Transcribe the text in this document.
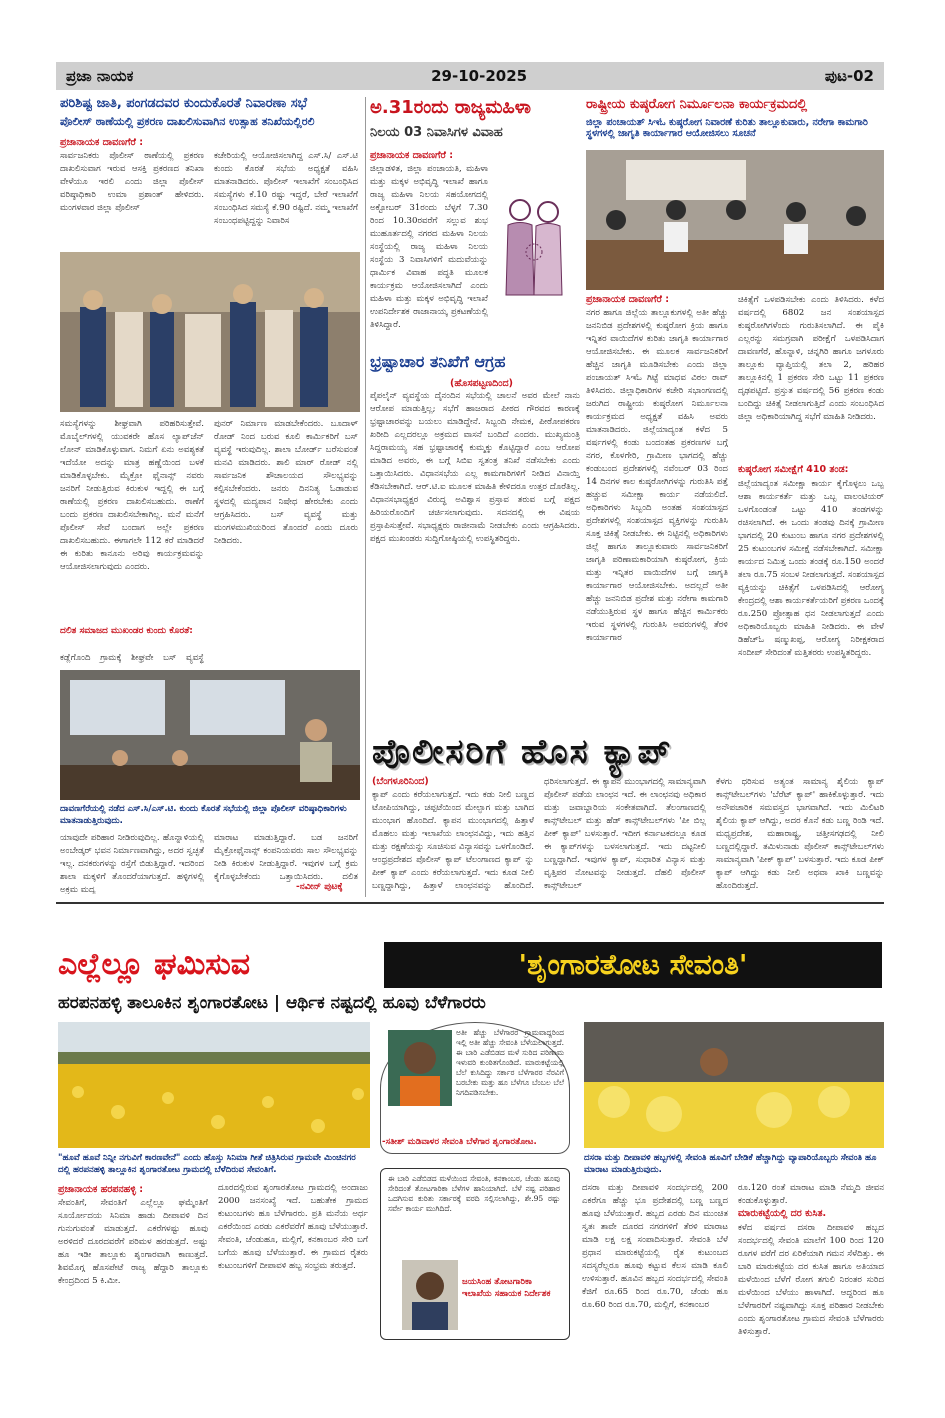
ಪ್ರಜಾ ನಾಯಕ	29-10-2025	ಪುಟ-02
ಪರಿಶಿಷ್ಟ ಜಾತಿ, ಪಂಗಡದವರ ಕುಂದುಕೊರತೆ ನಿವಾರಣಾ ಸಭೆ
ಪೊಲೀಸ್ ಠಾಣೆಯಲ್ಲಿ ಪ್ರಕರಣ ದಾಖಲಿಸುವಾಗಿನ ಉತ್ಸಾಹ ತನಿಖೆಯಲ್ಲಿರಲಿ
ಪ್ರಜಾನಾಯಕ ದಾವಣಗೆರೆ :
ಸಾರ್ವಜನಿಕರು ಪೊಲೀಸ್ ಠಾಣೆಯಲ್ಲಿ ಪ್ರಕರಣ ದಾಖಲಿಸುವಾಗ ಇರುವ ಆಸಕ್ತಿ ಪ್ರಕರಣದ ತನಿಖಾ ವೇಳೆಯೂ ಇರಲಿ ಎಂದು ಜಿಲ್ಲಾ ಪೊಲೀಸ್ ವರಿಷ್ಠಾಧಿಕಾರಿ ಉಮಾ ಪ್ರಶಾಂತ್ ಹೇಳಿದರು. ಮಂಗಳವಾರ ಜಿಲ್ಲಾ ಪೊಲೀಸ್
ಕಚೇರಿಯಲ್ಲಿ ಆಯೋಜಿಸಲಾಗಿದ್ದ ಎಸ್.ಸಿ/ ಎಸ್.ಟಿ ಕುಂದು ಕೊರತೆ ಸಭೆಯ ಅಧ್ಯಕ್ಷತೆ ವಹಿಸಿ ಮಾತನಾಡಿದರು. ಪೊಲೀಸ್ ಇಲಾಖೆಗೆ ಸಂಬಂಧಿಸಿದ ಸಮಸ್ಯೆಗಳು ಕೆ.10 ರಷ್ಟು ಇದ್ದರೆ, ಬೇರೆ ಇಲಾಖೆಗೆ ಸಂಬಂಧಿಸಿದ ಸಮಸ್ಯೆ ಕೆ.90 ರಷ್ಟಿದೆ. ನಮ್ಮ ಇಲಾಖೆಗೆ ಸಂಬಂಧಪಟ್ಟಿದ್ದನ್ನು ನಿವಾರಿಸ
ಸಮಸ್ಯೆಗಳನ್ನು ಶೀಘ್ರವಾಗಿ ಪರಿಹರಿಸುತ್ತೇವೆ. ಮೊಬೈಲ್‌ಗಳಲ್ಲಿ ಯುವಕರೇ ಹೊಸ ಲ್ಯಾಪ್‌ಜೆನ್ ಲೋನ್ ಮಾಡಿಕೊಳ್ಳುವಾಗ. ನಿಮಗೆ ಏನು ಅವಶ್ಯಕತೆ ಇದೆಯೋ ಅದನ್ನು ಮಾತ್ರ ಹಣ್ಣೆಯಿಂದ ಬಳಕೆ ಮಾಡಿಕೊಳ್ಳಬೇಕು. ಮೈಕ್ರೋ ಫೈನಾನ್ಸ್ ನವರು ಜನರಿಗೆ ನೀಡುತ್ತಿರುವ ಕಿರುಕುಳ ಇದ್ದಲ್ಲಿ ಈ ಬಗ್ಗೆ ಠಾಣೆಯಲ್ಲಿ ಪ್ರಕರಣ ದಾಖಲಿಸಬಹುದು. ಠಾಣೆಗೆ ಬಂದು ಪ್ರಕರಣ ದಾಖಲಿಸಬೇಕಾಗಿಲ್ಲ. ಮನೆ ಮನೆಗೆ ಪೊಲೀಸ್ ಸೇವೆ ಬಂದಾಗ ಅಲ್ಲೇ ಪ್ರಕರಣ ದಾಖಲಿಸಬಹುದು. ಈಗಾಗಲೇ 112 ಕರೆ ಮಾಡಿದರೆ ಈ ಕುರಿತು ಕಾನೂನು ಅರಿವು ಕಾರ್ಯಕ್ರಮವನ್ನು ಆಯೋಜಿಸಲಾಗುವುದು ಎಂದರು.
ಪುನರ್ ನಿರ್ಮಾಣ ಮಾಡಬೇಕೆಂದರು. ಬೂದಾಳ್ ರೋಡ್ ನಿಂದ ಬರುವ ಕೂಲಿ ಕಾರ್ಮಿಕರಿಗೆ ಬಸ್ ವ್ಯವಸ್ಥೆ ಇರುವುದಿಲ್ಲ. ಶಾಲಾ ಬೋರ್ಡ್ ಬರೆಸುವಂತೆ ಮನವಿ ಮಾಡಿದರು. ಶಾಲಿ ಮಾರ್ ರೋಡ್ ನಲ್ಲಿ ಸಾರ್ವಜನಿಕ ಶೌಚಾಲಯದ ಸೌಲಭ್ಯವನ್ನು ಕಲ್ಪಿಸಬೇಕೆಂದರು. ಜನರು ದಿನನಿತ್ಯ ಓಡಾಡುವ ಸ್ಥಳದಲ್ಲಿ ಮದ್ಯಪಾನ ನಿಷೇಧ ಹೇರಬೇಕು ಎಂದು ಆಗ್ರಹಿಸಿದರು. ಬಸ್ ವ್ಯವಸ್ಥೆ ಮತ್ತು ಮಂಗಳಮುಖಿಯರಿಂದ ತೊಂದರೆ ಎಂದು ದೂರು ನೀಡಿದರು.
ದಲಿತ ಸಮಾಜದ ಮುಖಂಡರ ಕುಂದು ಕೊರತೆ:
ಕಡ್ಲೆಗೊಂದಿ ಗ್ರಾಮಕ್ಕೆ ಶೀಘ್ರವೇ ಬಸ್ ವ್ಯವಸ್ಥೆ
ದಾವಣಗೆರೆಯಲ್ಲಿ ನಡೆದ ಎಸ್.ಸಿ/ಎಸ್.ಟಿ. ಕುಂದು ಕೊರತೆ ಸಭೆಯಲ್ಲಿ ಜಿಲ್ಲಾ ಪೊಲೀಸ್ ವರಿಷ್ಠಾಧಿಕಾರಿಗಳು ಮಾತನಾಡುತ್ತಿರುವುದು.
ಯಾವುದೇ ಪರಿಹಾರ ನೀಡಿರುವುದಿಲ್ಲ. ಹೊನ್ನಾಳಿಯಲ್ಲಿ ಅಂಬೇಡ್ಕರ್ ಭವನ ನಿರ್ಮಾಣವಾಗಿದ್ದು, ಅದರ ಸ್ವಚ್ಛತೆ ಇಲ್ಲ. ದನಕರುಗಳನ್ನು ರಸ್ತೆಗೆ ಬಿಡುತ್ತಿದ್ದಾರೆ. ಇದರಿಂದ ಶಾಲಾ ಮಕ್ಕಳಿಗೆ ತೊಂದರೆಯಾಗುತ್ತದೆ. ಹಳ್ಳಿಗಳಲ್ಲಿ ಅಕ್ರಮ ಮದ್ಯ
ಮಾರಾಟ ಮಾಡುತ್ತಿದ್ದಾರೆ. ಬಡ ಜನರಿಗೆ ಮೈಕ್ರೋಫೈನಾನ್ಸ್ ಕಂಪನಿಯವರು ಸಾಲ ಸೌಲಭ್ಯವನ್ನು ನೀಡಿ ಕಿರುಕುಳ ನೀಡುತ್ತಿದ್ದಾರೆ. ಇವುಗಳ ಬಗ್ಗೆ ಕ್ರಮ ಕೈಗೊಳ್ಳಬೇಕೆಂದು ಒತ್ತಾಯಿಸಿದರು. ದಲಿತ
-ನವೀನ್ ಪುಟಕ್ಕೆ
ಅ.31ರಂದು ರಾಜ್ಯಮಹಿಳಾ
ನಿಲಯ 03 ನಿವಾಸಿಗಳ ವಿವಾಹ
ಪ್ರಜಾನಾಯಕ ದಾವಣಗೆರೆ :
ಜಿಲ್ಲಾಡಳಿತ, ಜಿಲ್ಲಾ ಪಂಚಾಯತಿ, ಮಹಿಳಾ ಮತ್ತು ಮಕ್ಕಳ ಅಭಿವೃದ್ಧಿ ಇಲಾಖೆ ಹಾಗೂ ರಾಜ್ಯ ಮಹಿಳಾ ನಿಲಯ ಸಹಯೋಗದಲ್ಲಿ ಅಕ್ಟೋಬರ್ 31ರಂದು ಬೆಳ್ಳಗೆ 7.30 ರಿಂದ 10.30ರವರೆಗೆ ಸಲ್ಲುವ ಶುಭ ಮುಹೂರ್ತದಲ್ಲಿ ನಗರದ ಮಹಿಳಾ ನಿಲಯ ಸಂಸ್ಥೆಯಲ್ಲಿ ರಾಜ್ಯ ಮಹಿಳಾ ನಿಲಯ ಸಂಸ್ಥೆಯ 3 ನಿವಾಸಿಗಳಿಗೆ ಮದುವೆಯನ್ನು ಧಾರ್ಮಿಕ ವಿವಾಹ ಪದ್ಧತಿ ಮೂಲಕ ಕಾರ್ಯಕ್ರಮ ಆಯೋಜಿಸಲಾಗಿದೆ ಎಂದು ಮಹಿಳಾ ಮತ್ತು ಮಕ್ಕಳ ಅಭಿವೃದ್ಧಿ ಇಲಾಖೆ ಉಪನಿರ್ದೇಶಕ ರಾಜಾನಾಯ್ಕ ಪ್ರಕಟಣೆಯಲ್ಲಿ ತಿಳಿಸಿದ್ದಾರೆ.
ಭ್ರಷ್ಟಾಚಾರ ತನಿಖೆಗೆ ಆಗ್ರಹ
(ಹೊಸಪಟ್ಟಣದಿಂದ)
ಪೈಪಲೈನ್ ವ್ಯವಸ್ಥೆಯ ದೈನಂದಿನ ಸಭೆಯಲ್ಲಿ ಚಾಲನೆ ಅವರ ಮೇಲೆ ನಾನು ಆರೋಪ ಮಾಡುತ್ತಿಲ್ಲ; ಸಭೆಗೆ ಹಾಜರಾದ ಪೀಠದ ಗೌರವದ ಕಾರಣಕ್ಕೆ ಭ್ರಷ್ಟಾಚಾರವನ್ನು ಬಯಲು ಮಾಡಿದ್ದೇನೆ. ಸಿಬ್ಬಂದಿ ನೇಮಕ, ಪೀಠೋಪಕರಣ ಖರೀದಿ ಎಲ್ಲದರಲ್ಲೂ ಅಕ್ರಮದ ವಾಸನೆ ಬಂದಿದೆ ಎಂದರು. ಮುಖ್ಯಮಂತ್ರಿ ಸಿದ್ದರಾಮಯ್ಯ ಸಹ ಭ್ರಷ್ಟಾಚಾರಕ್ಕೆ ಕುಮ್ಮಕ್ಕು ಕೊಟ್ಟಿದ್ದಾರೆ ಎಂಬ ಆರೋಪ ಮಾಡಿದ ಅವರು, ಈ ಬಗ್ಗೆ ಸಿಬಿಐ ಸ್ವತಂತ್ರ ತನಿಖೆ ನಡೆಸಬೇಕು ಎಂದು ಒತ್ತಾಯಿಸಿದರು. ವಿಧಾನಸಭೆಯ ಎಲ್ಲ ಕಾಮಗಾರಿಗಳಿಗೆ ನೀಡಿದ ವಿನಾಯ್ತಿ ಕೆಡಿಸಬೇಕಾಗಿದೆ. ಆರ್.ಟಿ.ಐ ಮೂಲಕ ಮಾಹಿತಿ ಕೇಳಿದರೂ ಉತ್ತರ ದೊರೆತಿಲ್ಲ. ವಿಧಾನಸಭಾಧ್ಯಕ್ಷರ ವಿರುದ್ಧ ಅವಿಶ್ವಾಸ ಪ್ರಸ್ತಾವ ತರುವ ಬಗ್ಗೆ ಪಕ್ಷದ ಹಿರಿಯರೊಂದಿಗೆ ಚರ್ಚಿಸಲಾಗುವುದು. ಸದನದಲ್ಲಿ ಈ ವಿಷಯ ಪ್ರಸ್ತಾಪಿಸುತ್ತೇವೆ. ಸಭಾಧ್ಯಕ್ಷರು ರಾಜೀನಾಮೆ ನೀಡಬೇಕು ಎಂದು ಆಗ್ರಹಿಸಿದರು. ಪಕ್ಷದ ಮುಖಂಡರು ಸುದ್ದಿಗೋಷ್ಠಿಯಲ್ಲಿ ಉಪಸ್ಥಿತರಿದ್ದರು.
ರಾಷ್ಟ್ರೀಯ ಕುಷ್ಠರೋಗ ನಿರ್ಮೂಲನಾ ಕಾರ್ಯಕ್ರಮದಲ್ಲಿ
ಜಿಲ್ಲಾ ಪಂಚಾಯತ್ ಸಿಇಓ ಕುಷ್ಠರೋಗ ನಿವಾರಣೆ ಕುರಿತು ತಾಲ್ಲೂಕುವಾರು, ನರೇಗಾ ಕಾಮಗಾರಿ ಸ್ಥಳಗಳಲ್ಲಿ ಜಾಗೃತಿ ಕಾರ್ಯಾಗಾರ ಆಯೋಜಿಸಲು ಸೂಚನೆ
ಪ್ರಜಾನಾಯಕ ದಾವಣಗೆರೆ :
ನಗರ ಹಾಗೂ ಜಿಲ್ಲೆಯ ತಾಲ್ಲೂಕುಗಳಲ್ಲಿ ಅತೀ ಹೆಚ್ಚು ಜನನಿಬಿಡ ಪ್ರದೇಶಗಳಲ್ಲಿ ಕುಷ್ಠರೋಗ ಕ್ರಿಯ ಹಾಗೂ ಇನ್ನಿತರ ವಾಯಿದೆಗಳ ಕುರಿತು ಜಾಗೃತಿ ಕಾರ್ಯಾಗಾರ ಆಯೋಜಿಸಬೇಕು. ಈ ಮೂಲಕ ಸಾರ್ವಜನಿಕರಿಗೆ ಹೆಚ್ಚಿನ ಜಾಗೃತಿ ಮೂಡಿಸಬೇಕು ಎಂದು ಜಿಲ್ಲಾ ಪಂಚಾಯತ್ ಸಿಇಓ ಗಿಟ್ಟೆ ಮಾಧವ ವಿಠಲ ರಾವ್ ತಿಳಿಸಿದರು. ಜಿಲ್ಲಾಧಿಕಾರಿಗಳ ಕಚೇರಿ ಸಭಾಂಗಣದಲ್ಲಿ ಜರುಗಿದ ರಾಷ್ಟ್ರೀಯ ಕುಷ್ಠರೋಗ ನಿರ್ಮೂಲನಾ ಕಾರ್ಯಕ್ರಮದ ಅಧ್ಯಕ್ಷತೆ ವಹಿಸಿ ಅವರು ಮಾತನಾಡಿದರು. ಜಿಲ್ಲೆಯಾದ್ಯಂತ ಕಳೆದ 5 ವರ್ಷಗಳಲ್ಲಿ ಕಂಡು ಬಂದಂತಹ ಪ್ರಕರಣಗಳ ಬಗ್ಗೆ ನಗರ, ಕೊಳಗೇರಿ, ಗ್ರಾಮೀಣ ಭಾಗದಲ್ಲಿ ಹೆಚ್ಚು ಕಂಡುಬಂದ ಪ್ರದೇಶಗಳಲ್ಲಿ ನವೆಂಬರ್ 03 ರಿಂದ 14 ದಿನಗಳ ಕಾಲ ಕುಷ್ಠರೋಗಿಗಳನ್ನು ಗುರುತಿಸಿ ಪತ್ತೆ ಹಚ್ಚುವ ಸಮೀಕ್ಷಾ ಕಾರ್ಯ ನಡೆಯಲಿದೆ. ಅಧಿಕಾರಿಗಳು ಸಿಬ್ಬಂದಿ ಅಂತಹ ಸಂಶಯಾಸ್ಪದ ಪ್ರದೇಶಗಳಲ್ಲಿ ಸಂಶಯಾಸ್ಪದ ವ್ಯಕ್ತಿಗಳನ್ನು ಗುರುತಿಸಿ ಸೂಕ್ತ ಚಿಕಿತ್ಸೆ ನೀಡಬೇಕು. ಈ ನಿಟ್ಟಿನಲ್ಲಿ ಅಧಿಕಾರಿಗಳು ಜಿಲ್ಲೆ ಹಾಗೂ ತಾಲ್ಲೂಕುವಾರು ಸಾರ್ವಜನಿಕರಿಗೆ ಜಾಗೃತಿ ಪರಿಣಾಮಕಾರಿಯಾಗಿ ಕುಷ್ಠರೋಗ, ಕ್ರಿಯ ಮತ್ತು ಇನ್ನಿತರ ವಾಯಿದೆಗಳ ಬಗ್ಗೆ ಜಾಗೃತಿ ಕಾರ್ಯಾಗಾರ ಆಯೋಜಿಸಬೇಕು. ಅದಲ್ಲದೆ ಅತೀ ಹೆಚ್ಚು ಜನನಿಬಿಡ ಪ್ರದೇಶ ಮತ್ತು ನರೇಗಾ ಕಾಮಗಾರಿ ನಡೆಯುತ್ತಿರುವ ಸ್ಥಳ ಹಾಗೂ ಹೆಚ್ಚಿನ ಕಾರ್ಮಿಕರು ಇರುವ ಸ್ಥಳಗಳಲ್ಲಿ ಗುರುತಿಸಿ ಅವರುಗಳಲ್ಲಿ ತೆರಳಿ ಕಾರ್ಯಾಗಾರ
ಚಿಕಿತ್ಸೆಗೆ ಒಳಪಡಿಸಬೇಕು ಎಂದು ತಿಳಿಸಿದರು. ಕಳೆದ ವರ್ಷದಲ್ಲಿ 6802 ಜನ ಸಂಶಯಾಸ್ಪದ ಕುಷ್ಠರೋಗಿಗಳೆಂದು ಗುರುತಿಸಲಾಗಿದೆ. ಈ ಪೈಕಿ ಎಲ್ಲರನ್ನು ಸಮಗ್ರವಾಗಿ ಪರೀಕ್ಷೆಗೆ ಒಳಪಡಿಸಿದಾಗ ದಾವಣಗೆರೆ, ಹೊನ್ನಾಳಿ, ಚನ್ನಗಿರಿ ಹಾಗೂ ಜಗಳೂರು ತಾಲ್ಲೂಕು ವ್ಯಾಪ್ತಿಯಲ್ಲಿ ತಲಾ 2, ಹರಿಹರ ತಾಲ್ಲೂಕಿನಲ್ಲಿ 1 ಪ್ರಕರಣ ಸೇರಿ ಒಟ್ಟು 11 ಪ್ರಕರಣ ದೃಢಪಟ್ಟಿದೆ. ಪ್ರಸ್ತುತ ವರ್ಷದಲ್ಲಿ 56 ಪ್ರಕರಣ ಕಂಡು ಬಂದಿದ್ದು ಚಿಕಿತ್ಸೆ ನೀಡಲಾಗುತ್ತಿದೆ ಎಂದು ಸಂಬಂಧಿಸಿದ ಜಿಲ್ಲಾ ಅಧಿಕಾರಿಯಾಗಿದ್ದ ಸಭೆಗೆ ಮಾಹಿತಿ ನೀಡಿದರು.
ಕುಷ್ಠರೋಗ ಸಮೀಕ್ಷೆಗೆ 410 ತಂಡ:
ಜಿಲ್ಲೆಯಾದ್ಯಂತ ಸಮೀಕ್ಷಾ ಕಾರ್ಯ ಕೈಗೊಳ್ಳಲು ಒಬ್ಬ ಆಶಾ ಕಾರ್ಯಕರ್ತೆ ಮತ್ತು ಒಬ್ಬ ವಾಲಂಟಿಯರ್ ಒಳಗೊಂಡಂತೆ ಒಟ್ಟು 410 ತಂಡಗಳನ್ನು ರಚಿಸಲಾಗಿದೆ. ಈ ಒಂದು ತಂಡವು ದಿನಕ್ಕೆ ಗ್ರಾಮೀಣ ಭಾಗದಲ್ಲಿ 20 ಕುಟುಂಬ ಹಾಗೂ ನಗರ ಪ್ರದೇಶಗಳಲ್ಲಿ 25 ಕುಟುಂಬಗಳ ಸಮೀಕ್ಷೆ ನಡೆಸಬೇಕಾಗಿದೆ. ಸಮೀಕ್ಷಾ ಕಾರ್ಯದ ನಿಮಿತ್ತ ಒಂದು ತಂಡಕ್ಕೆ ರೂ.150 ಅಂದರೆ ತಲಾ ರೂ.75 ಸಂಬಳ ನೀಡಲಾಗುತ್ತದೆ. ಸಂಶಯಾಸ್ಪದ ವ್ಯಕ್ತಿಯನ್ನು ಚಿಕಿತ್ಸೆಗೆ ಒಳಪಡಿಸಿದಲ್ಲಿ ಆರೋಗ್ಯ ಕೇಂದ್ರದಲ್ಲಿ ಆಶಾ ಕಾರ್ಯಕರ್ತೆಯರಿಗೆ ಪ್ರಕರಣ ಒಂದಕ್ಕೆ ರೂ.250 ಪ್ರೋತ್ಸಾಹ ಧನ ನೀಡಲಾಗುತ್ತದೆ ಎಂದು ಅಧಿಕಾರಿಯೊಬ್ಬರು ಮಾಹಿತಿ ನೀಡಿದರು. ಈ ವೇಳೆ ಡಿಹೆಚ್ಓ ಷಣ್ಮುಖಪ್ಪ, ಆರೋಗ್ಯ ನಿರೀಕ್ಷಕರಾದ ಸಂದೀಪ್ ಸೇರಿದಂತೆ ಮತ್ತಿತರರು ಉಪಸ್ಥಿತರಿದ್ದರು.
ಪೊಲೀಸರಿಗೆ ಹೊಸ ಕ್ಯಾಪ್
(ಬೆಂಗಳೂರಿನಿಂದ)
ಕ್ಯಾಪ್ ಎಂದು ಕರೆಯಲಾಗುತ್ತದೆ. ಇದು ಕಡು ನೀಲಿ ಬಣ್ಣದ ಟೋಪಿಯಾಗಿದ್ದು, ಚಪ್ಪಟೆಯಿಂದ ಮೇಲ್ಭಾಗ ಮತ್ತು ಬಾಗಿದ ಮುಂಭಾಗ ಹೊಂದಿದೆ. ಕ್ಯಾಪನ ಮುಂಭಾಗದಲ್ಲಿ ಹಿತ್ತಾಳೆ ಮೊಹಲು ಮತ್ತು ಇಲಾಖೆಯ ಲಾಂಛನವಿದ್ದು, ಇದು ಹತ್ತಿನ ಮತ್ತು ರಕ್ಷಣೆಯನ್ನು ಸೂಚಿಸುವ ವಿನ್ಯಾಸವನ್ನು ಒಳಗೊಂಡಿದೆ. ಆಂಧ್ರಪ್ರದೇಶದ ಪೊಲೀಸ್ ಕ್ಯಾಪ್ ಟೆಲಂಗಾಣದ ಕ್ಯಾಪ್ ನ್ನು ಪೀಕ್ ಕ್ಯಾಪ್ ಎಂದು ಕರೆಯಲಾಗುತ್ತದೆ. ಇದು ಕೂಡ ನೀಲಿ ಬಣ್ಣದ್ದಾಗಿದ್ದು, ಹಿತ್ತಾಳೆ ಲಾಂಛನವನ್ನು ಹೊಂದಿದೆ.
ಧರಿಸಲಾಗುತ್ತದೆ. ಈ ಕ್ಯಾಪನ ಮುಂಭಾಗದಲ್ಲಿ ಸಾಮಾನ್ಯವಾಗಿ ಪೊಲೀಸ್ ಪಡೆಯ ಲಾಂಛನ ಇದೆ. ಈ ಲಾಂಛನವು ಅಧಿಕಾರ ಮತ್ತು ಜವಾಬ್ದಾರಿಯ ಸಂಕೇತವಾಗಿದೆ. ತೆಲಂಗಾಣದಲ್ಲಿ ಕಾನ್ಸ್‌ಟೇಬಲ್ ಮತ್ತು ಹೆಡ್ ಕಾನ್ಸ್‌ಟೇಬಲ್‌ಗಳು 'ಪೀ ಬಿಲ್ಲ ಪೀಕ್ ಕ್ಯಾಪ್' ಬಳಸುತ್ತಾರೆ. ಇದೀಗ ಕರ್ನಾಟಕದಲ್ಲೂ ಕೂಡ ಈ ಕ್ಯಾಪ್‌ಗಳನ್ನು ಬಳಸಲಾಗುತ್ತದೆ. ಇದು ದಟ್ಟನೀಲಿ ಬಣ್ಣದ್ದಾಗಿದೆ. ಇವುಗಳ ಕ್ಯಾಪ್, ಸುಧಾರಿತ ವಿನ್ಯಾಸ ಮತ್ತು ವೃತ್ತಿಪರ ನೋಟವನ್ನು ನೀಡುತ್ತದೆ. ದೆಹಲಿ ಪೊಲೀಸ್ ಕಾನ್ಸ್‌ಟೇಬಲ್
ಕೆಳಗು ಧರಿಸುವ ಅತ್ಯಂತ ಸಾಮಾನ್ಯ ಶೈಲಿಯ ಕ್ಯಾಪ್ ಕಾನ್ಸ್‌ಟೇಬಲ್‌ಗಳು 'ಬೆರೆಟ್ ಕ್ಯಾಪ್' ಹಾಕಿಕೊಳ್ಳುತ್ತಾರೆ. ಇದು ಅನೌಪಚಾರಿಕ ಸಮವಸ್ತ್ರದ ಭಾಗವಾಗಿದೆ. ಇದು ಮಿಲಿಟರಿ ಶೈಲಿಯ ಕ್ಯಾಪ್ ಆಗಿದ್ದು, ಅದರ ಕೊನೆ ಕಡು ಬಣ್ಣ ರಿಂಡಿ ಇದೆ. ಮಧ್ಯಪ್ರದೇಶ, ಮಹಾರಾಷ್ಟ್ರ, ಚತ್ತೀಸಗಢದಲ್ಲಿ ನೀಲಿ ಬಣ್ಣದಲ್ಲಿದ್ದಾರೆ. ತಮಿಳುನಾಡು ಪೊಲೀಸ್ ಕಾನ್ಸ್‌ಟೇಬಲ್‌ಗಳು ಸಾಮಾನ್ಯವಾಗಿ 'ಪೀಕ್ ಕ್ಯಾಪ್' ಬಳಸುತ್ತಾರೆ. ಇದು ಕೂಡ ಪೀಕ್ ಕ್ಯಾಪ್ ಆಗಿದ್ದು ಕಡು ನೀಲಿ ಅಥವಾ ಖಾಕಿ ಬಣ್ಣವನ್ನು ಹೊಂದಿರುತ್ತದೆ.
ಎಲ್ಲೆಲ್ಲೂ ಘಮಿಸುವ	'ಶೃಂಗಾರತೋಟ ಸೇವಂತಿ'
ಹರಪನಹಳ್ಳಿ ತಾಲೂಕಿನ ಶೃಂಗಾರತೋಟ | ಆರ್ಥಿಕ ನಷ್ಟದಲ್ಲಿ ಹೂವು ಬೆಳೆಗಾರರು
ಅತೀ ಹೆಚ್ಚು ಬೆಳೆಗಾರರ ಗ್ರಾಮವಾದ್ದರಿಂದ ಇಲ್ಲಿ ಅತೀ ಹೆಚ್ಚು ಸೇವಂತಿ ಬೆಳೆಯಲಾಗುತ್ತದೆ. ಈ ಬಾರಿ ಎಡೆಬಿಡದ ಮಳೆ ಸುರಿದ ಪರಿಣಾಮ ಇಳುವರಿ ಕುಂಠಿತಗೊಂಡಿದೆ. ಮಾರುಕಟ್ಟೆಯಲ್ಲಿ ಬೆಲೆ ಕುಸಿದಿದ್ದು ಸರ್ಕಾರ ಬೆಳೆಗಾರರ ನೆರವಿಗೆ ಬರಬೇಕು ಮತ್ತು ಹೂ ಬೆಳೆಗೂ ಬೆಂಬಲ ಬೆಲೆ ನಿಗದಿಪಡಿಸಬೇಕು.
-ಸತೀಶ್ ಮಡಿವಾಳರ ಸೇವಂತಿ ಬೆಳೆಗಾರ ಶೃಂಗಾರತೋಟ.
"ಹೂವೆ ಹೂವೆ ನಿನ್ನೀ ನಗುವಿಗೆ ಕಾರಣವೇನೆ" ಎಂದು ಹೊಸ್ತು ಸಿನಿಮಾ ಗೀತೆ ಚಿತ್ರಿಸಿರುವ ಗ್ರಾಮವೇ ಮಿಂಚಿನಗರ ದಲ್ಲಿ ಹರಪನಹಳ್ಳಿ ತಾಲ್ಲೂಕಿನ ಶೃಂಗಾರತೋಟ ಗ್ರಾಮದಲ್ಲಿ ಬೆಳೆದಿರುವ ಸೇವಂತಿಗೆ.
ದಸರಾ ಮತ್ತು ದೀಪಾವಳಿ ಹಬ್ಬಗಳಲ್ಲಿ ಸೇವಂತಿ ಹೂವಿಗೆ ಬೇಡಿಕೆ ಹೆಚ್ಚಾಗಿದ್ದು ವ್ಯಾಪಾರಿಯೊಬ್ಬರು ಸೇವಂತಿ ಹೂ ಮಾರಾಟ ಮಾಡುತ್ತಿರುವುದು.
ಪ್ರಜಾನಾಯಕ ಹರಪನಹಳ್ಳಿ :
ಸೇವಂತಿಗೆ, ಸೇವಂತಿಗೆ ಎಲ್ಲೆಲ್ಲೂ ಘಮ್ಮೆಂತಿಗೆ ಸೂರ್ಯೋದಯ ಸಿನಿಮಾ ಹಾಡು ದೀಪಾವಳಿ ದಿನ ಗುನುಗುವಂತೆ ಮಾಡುತ್ತದೆ. ಎಕರೆಗಳಷ್ಟು ಹೂವು ಅರಳಿದರೆ ದೂರದವರೆಗೆ ಪರಿಮಳ ಹರಡುತ್ತದೆ. ಅಷ್ಟು ಹೂ ಇಡೀ ತಾಲ್ಲೂಕು ಶೃಂಗಾರವಾಗಿ ಕಾಣುತ್ತದೆ. ಶಿವಮೊಗ್ಗ ಹೊಸಪೇಟೆ ರಾಜ್ಯ ಹೆದ್ದಾರಿ ತಾಲ್ಲೂಕು ಕೇಂದ್ರದಿಂದ 5 ಕಿ.ಮೀ.
ದೂರದಲ್ಲಿರುವ ಶೃಂಗಾರತೋಟ ಗ್ರಾಮದಲ್ಲಿ ಅಂದಾಜು 2000 ಜನಸಂಖ್ಯೆ ಇದೆ. ಬಹುತೇಕ ಗ್ರಾಮದ ಕುಟುಂಬಗಳು ಹೂ ಬೆಳೆಗಾರರು. ಪ್ರತಿ ಮನೆಯ ಅರ್ಧ ಎಕರೆಯಿಂದ ಎರಡು ಎಕರೆವರೆಗೆ ಹೂವು ಬೆಳೆಯುತ್ತಾರೆ. ಸೇವಂತಿ, ಚೆಂಡುಹೂ, ಮಲ್ಲಿಗೆ, ಕನಕಾಂಬರ ಸೇರಿ ಬಗೆ ಬಗೆಯ ಹೂವು ಬೆಳೆಯುತ್ತಾರೆ. ಈ ಗ್ರಾಮದ ರೈತರು ಕುಟುಂಬಗಳಿಗೆ ದೀಪಾವಳಿ ಹಬ್ಬ ಸಂಭ್ರಮ ತರುತ್ತದೆ.
ಈ ಬಾರಿ ಎಡೆಬಿಡದ ಮಳೆಯಿಂದ ಸೇವಂತಿ, ಕನಕಾಂಬರ, ಚೆಂಡು ಹೂವು ಸೇರಿದಂತೆ ತೋಟಗಾರಿಕಾ ಬೆಳೆಗಳ ಹಾನಿಯಾಗಿದೆ. ಬೆಳೆ ನಷ್ಟ ಪರಿಹಾರ ಒದಗಿಸುವ ಕುರಿತು ಸರ್ಕಾರಕ್ಕೆ ವರದಿ ಸಲ್ಲಿಸಲಾಗಿದ್ದು, ಶೇ.95 ರಷ್ಟು ಸರ್ವೇ ಕಾರ್ಯ ಮುಗಿದಿದೆ.
ಜಯಸಿಂಹ ತೋಟಗಾರಿಕಾ ಇಲಾಖೆಯ ಸಹಾಯಕ ನಿರ್ದೇಶಕ
ದಸರಾ ಮತ್ತು ದೀಪಾವಳಿ ಸಂದರ್ಭದಲ್ಲಿ 200 ಎಕರೆಗೂ ಹೆಚ್ಚು ಭೂ ಪ್ರದೇಶದಲ್ಲಿ ಬಣ್ಣ ಬಣ್ಣದ ಹೂವು ಬೆಳೆಯುತ್ತಾರೆ. ಹಬ್ಬದ ಎರಡು ದಿನ ಮುಂಚಿತ ಸ್ವತಃ ತಾವೇ ದೂರದ ನಗರಗಳಿಗೆ ತೆರಳಿ ಮಾರಾಟ ಮಾಡಿ ಲಕ್ಷ ಲಕ್ಷ ಸಂಪಾದಿಸುತ್ತಾರೆ. ಸೇವಂತಿ ಬೆಳೆ ಪ್ರಧಾನ ಮಾರುಕಟ್ಟೆಯಲ್ಲಿ ರೈತ ಕುಟುಂಬದ ಸದಸ್ಯರೆಲ್ಲರೂ ಹೂವು ಕಟ್ಟುವ ಕೆಲಸ ಮಾಡಿ ಕೂಲಿ ಉಳಿಸುತ್ತಾರೆ. ಹೂವಿನ ಹಬ್ಬದ ಸಂದರ್ಭದಲ್ಲಿ ಸೇವಂತಿ ಕೆಜಿಗೆ ರೂ.65 ರಿಂದ ರೂ.70, ಚೆಂಡು ಹೂ ರೂ.60 ರಿಂದ ರೂ.70, ಮಲ್ಲಿಗೆ, ಕನಕಾಂಬರ
ರೂ.120 ರಂತೆ ಮಾರಾಟ ಮಾಡಿ ನೆಮ್ಮದಿ ಜೀವನ ಕಂಡುಕೊಳ್ಳುತ್ತಾರೆ.
ಮಾರುಕಟ್ಟೆಯಲ್ಲಿ ದರ ಕುಸಿತ.
ಕಳೆದ ವರ್ಷದ ದಸರಾ ದೀಪಾವಳಿ ಹಬ್ಬದ ಸಂದರ್ಭದಲ್ಲಿ ಸೇವಂತಿ ಮಾಲೆಗೆ 100 ರಿಂದ 120 ರೂಗಳ ವರೆಗೆ ದರ ಏರಿಕೆಯಾಗಿ ಗಮನ ಸೆಳೆದಿತ್ತು. ಈ ಬಾರಿ ಮಾರುಕಟ್ಟೆಯ ದರ ಕುಸಿತ ಹಾಗೂ ಅತಿಯಾದ ಮಳೆಯಿಂದ ಬೆಳೆಗೆ ರೋಗ ತಗುಲಿ ನಿರಂತರ ಸುರಿದ ಮಳೆಯಿಂದ ಬೆಳೆಯು ಹಾಳಾಗಿದೆ. ಆದ್ದರಿಂದ ಹೂ ಬೆಳೆಗಾರರಿಗೆ ನಷ್ಟವಾಗಿದ್ದು ಸೂಕ್ತ ಪರಿಹಾರ ನೀಡಬೇಕು ಎಂದು ಶೃಂಗಾರತೋಟ ಗ್ರಾಮದ ಸೇವಂತಿ ಬೆಳೆಗಾರರು ತಿಳಿಸುತ್ತಾರೆ.
